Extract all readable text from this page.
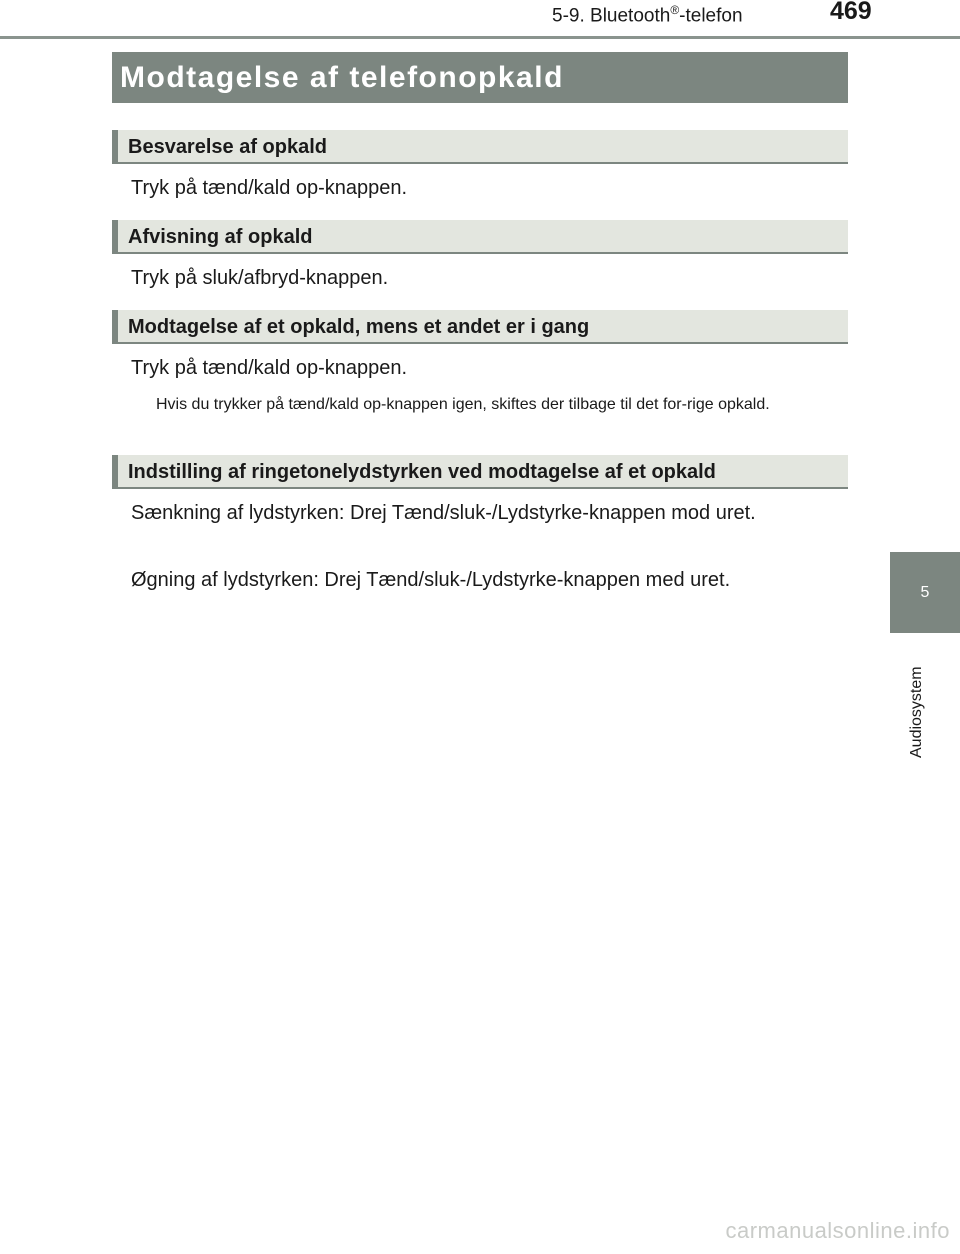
5-9. Bluetooth®-telefon	469
Modtagelse af telefonopkald
Besvarelse af opkald
Tryk på tænd/kald op-knappen.
Afvisning af opkald
Tryk på sluk/afbryd-knappen.
Modtagelse af et opkald, mens et andet er i gang
Tryk på tænd/kald op-knappen.
Hvis du trykker på tænd/kald op-knappen igen, skiftes der tilbage til det for-rige opkald.
Indstilling af ringetonelydstyrken ved modtagelse af et opkald
Sænkning af lydstyrken: Drej Tænd/sluk-/Lydstyrke-knappen mod uret.
Øgning af lydstyrken: Drej Tænd/sluk-/Lydstyrke-knappen med uret.
5
Audiosystem
carmanualsonline.info
